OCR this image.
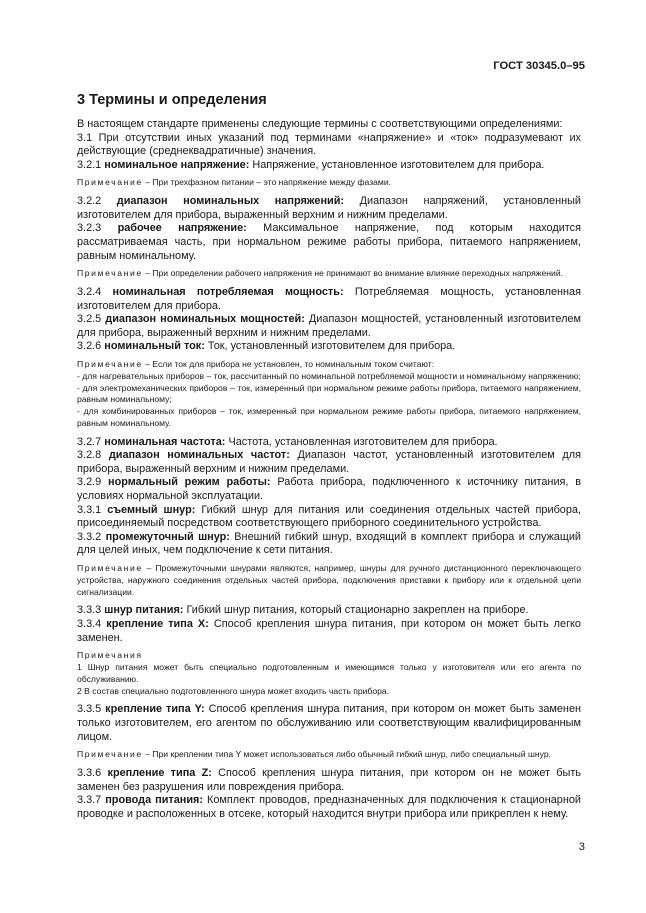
ГОСТ 30345.0–95
3 Термины и определения

В настоящем стандарте применены следующие термины с соответствующими определениями:

3.1 При отсутствии иных указаний под терминами «напряжение» и «ток» подразумевают их действующие (среднеквадратичные) значения.

3.2.1 номинальное напряжение: Напряжение, установленное изготовителем для прибора.

Примечание – При трехфазном питании – это напряжение между фазами.

3.2.2 диапазон номинальных напряжений: Диапазон напряжений, установленный изготовителем для прибора, выраженный верхним и нижним пределами.

3.2.3 рабочее напряжение: Максимальное напряжение, под которым находится рассматриваемая часть, при нормальном режиме работы прибора, питаемого напряжением, равным номинальному.

Примечание – При определении рабочего напряжения не принимают во внимание влияние переходных напряжений.

3.2.4 номинальная потребляемая мощность: Потребляемая мощность, установленная изготовителем для прибора.

3.2.5 диапазон номинальных мощностей: Диапазон мощностей, установленный изготовителем для прибора, выраженный верхним и нижним пределами.

3.2.6 номинальный ток: Ток, установленный изготовителем для прибора.

Примечание – Если ток для прибора не установлен, то номинальным током считают:

- для нагревательных приборов – ток, рассчитанный по номинальной потребляемой мощности и номинальному напряжению;

- для электромеханических приборов – ток, измеренный при нормальном режиме работы прибора, питаемого напряжением, равным номинальному;

- для комбинированных приборов – ток, измеренный при нормальном режиме работы прибора, питаемого напряжением, равным номинальному.

3.2.7 номинальная частота: Частота, установленная изготовителем для прибора.

3.2.8 диапазон номинальных частот: Диапазон частот, установленный изготовителем для прибора, выраженный верхним и нижним пределами.

3.2.9 нормальный режим работы: Работа прибора, подключенного к источнику питания, в условиях нормальной эксплуатации.

3.3.1 съемный шнур: Гибкий шнур для питания или соединения отдельных частей прибора, присоединяемый посредством соответствующего приборного соединительного устройства.

3.3.2 промежуточный шнур: Внешний гибкий шнур, входящий в комплект прибора и служащий для целей иных, чем подключение к сети питания.

Примечание – Промежуточными шнурами являются, например, шнуры для ручного дистанционного переключающего устройства, наружного соединения отдельных частей прибора, подключения приставки к прибору или к отдельной цепи сигнализации.

3.3.3 шнур питания: Гибкий шнур питания, который стационарно закреплен на приборе.

3.3.4 крепление типа Х: Способ крепления шнура питания, при котором он может быть легко заменен.

Примечания

1 Шнур питания может быть специально подготовленным и имеющимся только у изготовителя или его агента по обслуживанию.

2 В состав специально подготовленного шнура может входить часть прибора.

3.3.5 крепление типа Y: Способ крепления шнура питания, при котором он может быть заменен только изготовителем, его агентом по обслуживанию или соответствующим квалифицированным лицом.

Примечание – При креплении типа Y может использоваться либо обычный гибкий шнур, либо специальный шнур.

3.3.6 крепление типа Z: Способ крепления шнура питания, при котором он не может быть заменен без разрушения или повреждения прибора.

3.3.7 провода питания: Комплект проводов, предназначенных для подключения к стационарной проводке и расположенных в отсеке, который находится внутри прибора или прикреплен к нему.

3
